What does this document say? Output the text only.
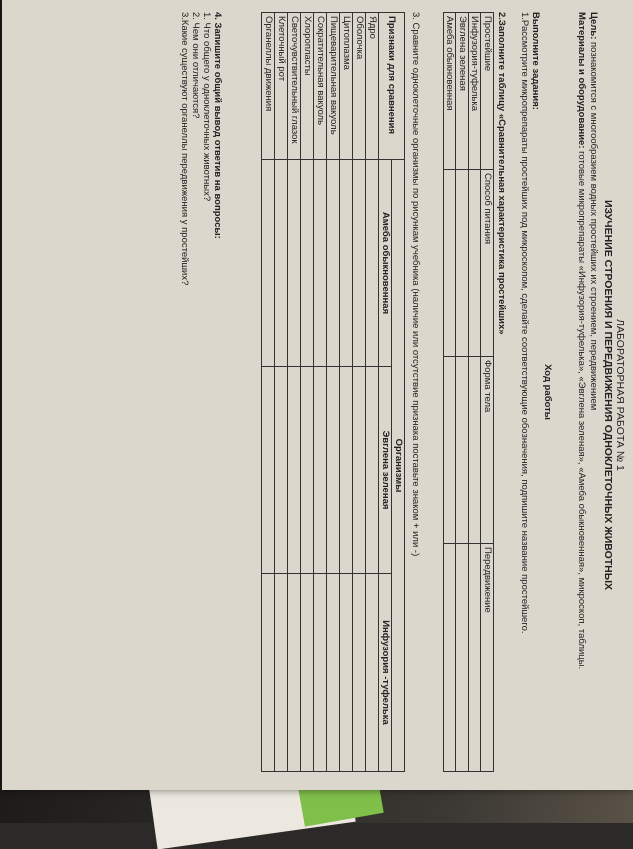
ЛАБОРАТОРНАЯ РАБОТА № 1
ИЗУЧЕНИЕ СТРОЕНИЯ И ПЕРЕДВИЖЕНИЯ ОДНОКЛЕТОЧНЫХ ЖИВОТНЫХ
Цель: познакомится с многообразием водных простейших их строением, передвижением
Материалы и оборудование: готовые микропрепараты «Инфузория-туфелька», «Эвглена зеленая», «Амеба обыкновенная», микроскоп, таблицы.
Ход работы
Выполните задания:
1.Рассмотрите микропрепараты простейших под микроскопом, сделайте соответствующие обозначения, подпишите название простейшего.
2.Заполните таблицу «Сравнительная характеристика простейших»
Простейшие	Способ питания	Форма тела	Передвижение
Инфузория-туфелька			
Эвглена зеленая			
Амеба обыкновенная			
3. Сравните одноклеточные организмы по рисункам учебника (наличие или отсутствие признака поставьте знаком + или -)
Признаки для сравнения	Организмы		
	Амеба обыкновенная	Эвглена зеленая	Инфузория -туфелька
Ядро			
Оболочка			
Цитоплазма			
Пищеварительная вакуоль			
Сократительная вакуоль			
Хлоропласты			
Светочувствительный глазок			
Клеточный рот			
Органеллы движения			
4. Запишите общий вывод ответив на вопросы:
1. Что общего у одноклеточных животных?
2. Чем они отличаются?
3.Какие существуют органеллы передвижения у простейших?
